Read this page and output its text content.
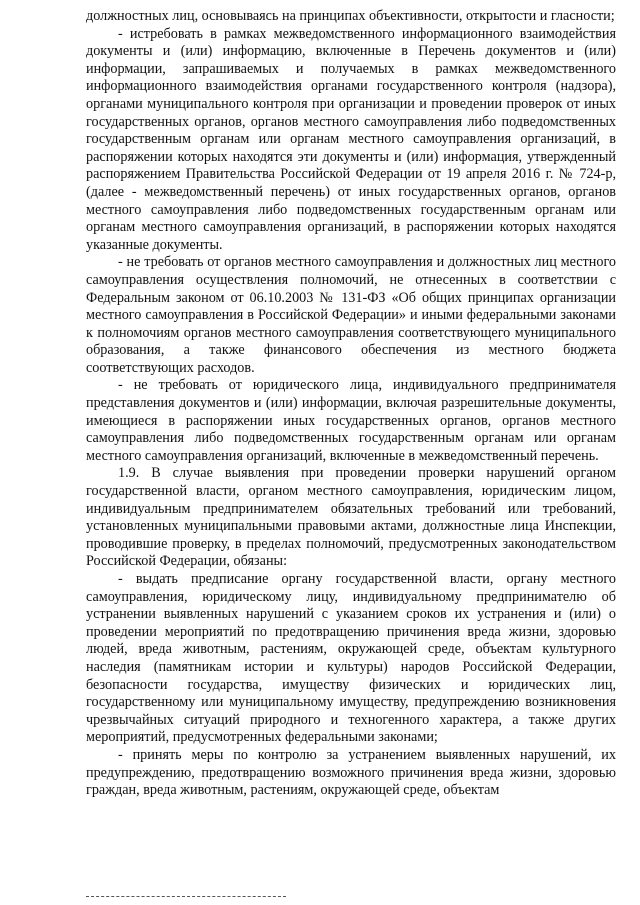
должностных лиц, основываясь на принципах объективности, открытости и гласности;

- истребовать в рамках межведомственного информационного взаимодействия документы и (или) информацию, включенные в Перечень документов и (или) информации, запрашиваемых и получаемых в рамках межведомственного информационного взаимодействия органами государственного контроля (надзора), органами муниципального контроля при организации и проведении проверок от иных государственных органов, органов местного самоуправления либо подведомственных государственным органам или органам местного самоуправления организаций, в распоряжении которых находятся эти документы и (или) информация, утвержденный распоряжением Правительства Российской Федерации от 19 апреля 2016 г. № 724-р, (далее - межведомственный перечень) от иных государственных органов, органов местного самоуправления либо подведомственных государственным органам или органам местного самоуправления организаций, в распоряжении которых находятся указанные документы.

- не требовать от органов местного самоуправления и должностных лиц местного самоуправления осуществления полномочий, не отнесенных в соответствии с Федеральным законом от 06.10.2003 № 131-ФЗ «Об общих принципах организации местного самоуправления в Российской Федерации» и иными федеральными законами к полномочиям органов местного самоуправления соответствующего муниципального образования, а также финансового обеспечения из местного бюджета соответствующих расходов.

- не требовать от юридического лица, индивидуального предпринимателя представления документов и (или) информации, включая разрешительные документы, имеющиеся в распоряжении иных государственных органов, органов местного самоуправления либо подведомственных государственным органам или органам местного самоуправления организаций, включенные в межведомственный перечень.

1.9. В случае выявления при проведении проверки нарушений органом государственной власти, органом местного самоуправления, юридическим лицом, индивидуальным предпринимателем обязательных требований или требований, установленных муниципальными правовыми актами, должностные лица Инспекции, проводившие проверку, в пределах полномочий, предусмотренных законодательством Российской Федерации, обязаны:

- выдать предписание органу государственной власти, органу местного самоуправления, юридическому лицу, индивидуальному предпринимателю об устранении выявленных нарушений с указанием сроков их устранения и (или) о проведении мероприятий по предотвращению причинения вреда жизни, здоровью людей, вреда животным, растениям, окружающей среде, объектам культурного наследия (памятникам истории и культуры) народов Российской Федерации, безопасности государства, имуществу физических и юридических лиц, государственному или муниципальному имуществу, предупреждению возникновения чрезвычайных ситуаций природного и техногенного характера, а также других мероприятий, предусмотренных федеральными законами;

- принять меры по контролю за устранением выявленных нарушений, их предупреждению, предотвращению возможного причинения вреда жизни, здоровью граждан, вреда животным, растениям, окружающей среде, объектам
